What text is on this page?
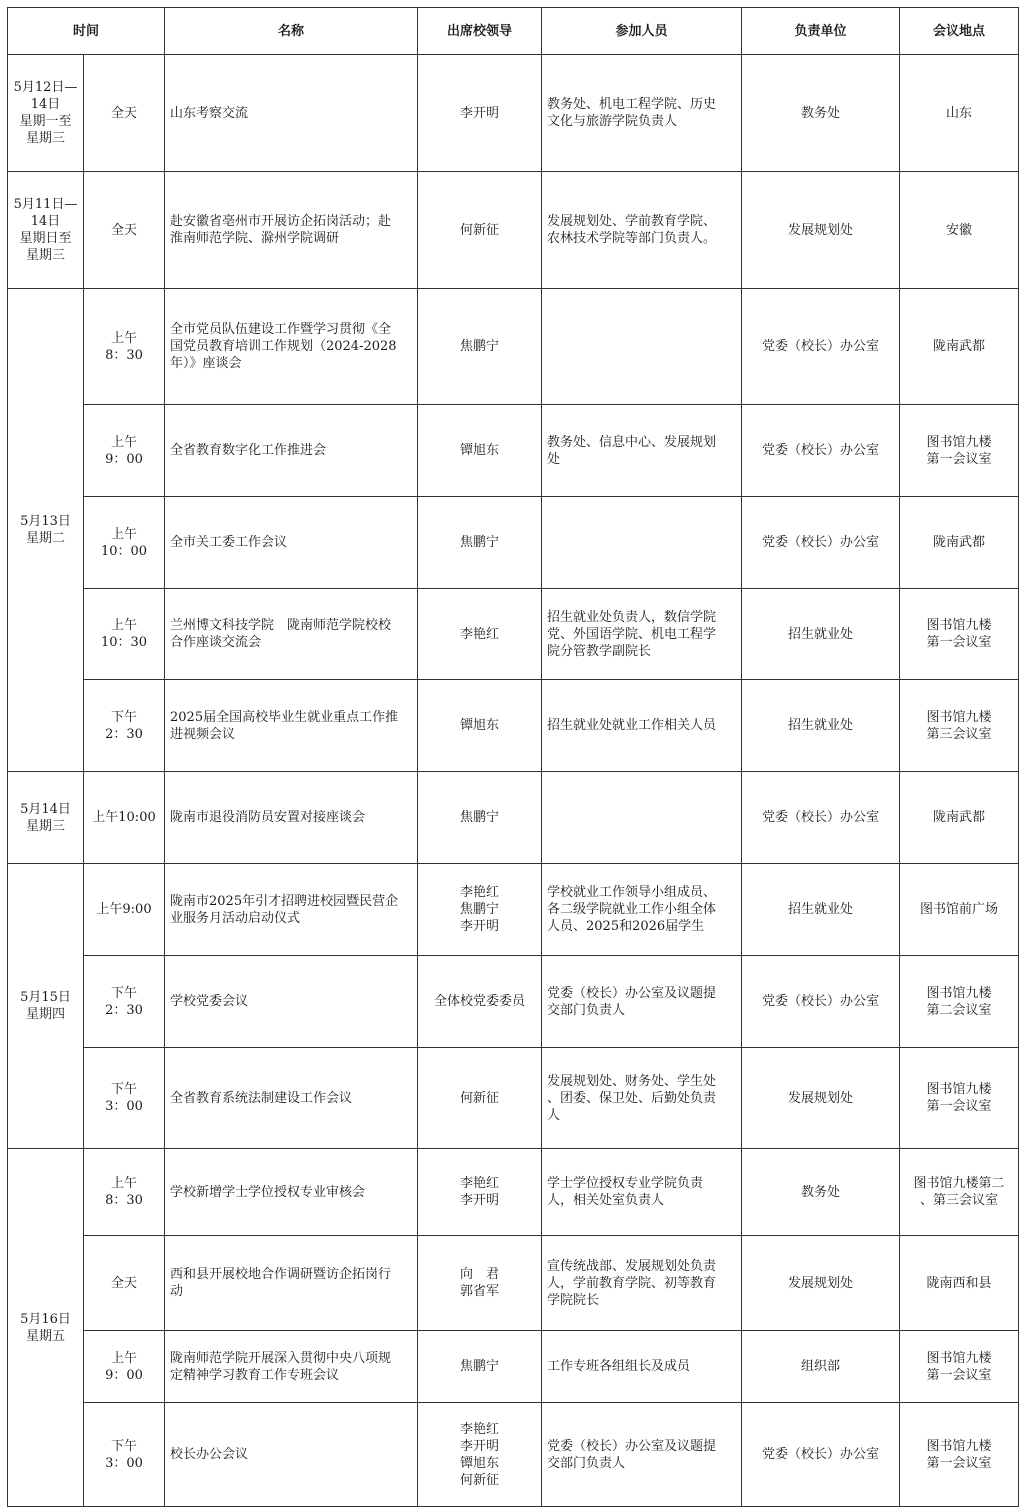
时间		名称	出席校领导	参加人员	负责单位	会议地点
5月12日—
14日
星期一至
星期三	全天	山东考察交流	李开明	教务处、机电工程学院、历史
文化与旅游学院负责人	教务处	山东
5月11日—
14日
星期日至
星期三	全天	赴安徽省亳州市开展访企拓岗活动；赴
淮南师范学院、滁州学院调研	何新征	发展规划处、学前教育学院、
农林技术学院等部门负责人。	发展规划处	安徽
5月13日
星期二	上午
8：30	全市党员队伍建设工作暨学习贯彻《全
国党员教育培训工作规划（2024-2028
年）》座谈会	焦鹏宁		党委（校长）办公室	陇南武都
	上午
9：00	全省教育数字化工作推进会	镡旭东	教务处、信息中心、发展规划
处	党委（校长）办公室	图书馆九楼
第一会议室
	上午
10：00	全市关工委工作会议	焦鹏宁		党委（校长）办公室	陇南武都
	上午
10：30	兰州博文科技学院　陇南师范学院校校
合作座谈交流会	李艳红	招生就业处负责人，数信学院
党、外国语学院、机电工程学
院分管教学副院长	招生就业处	图书馆九楼
第一会议室
	下午
2：30	2025届全国高校毕业生就业重点工作推
进视频会议	镡旭东	招生就业处就业工作相关人员	招生就业处	图书馆九楼
第三会议室
5月14日
星期三	上午10:00	陇南市退役消防员安置对接座谈会	焦鹏宁		党委（校长）办公室	陇南武都
5月15日
星期四	上午9:00	陇南市2025年引才招聘进校园暨民营企
业服务月活动启动仪式	李艳红
焦鹏宁
李开明	学校就业工作领导小组成员、
各二级学院就业工作小组全体
人员、2025和2026届学生	招生就业处	图书馆前广场
	下午
2：30	学校党委会议	全体校党委委员	党委（校长）办公室及议题提
交部门负责人	党委（校长）办公室	图书馆九楼
第二会议室
	下午
3：00	全省教育系统法制建设工作会议	何新征	发展规划处、财务处、学生处
、团委、保卫处、后勤处负责
人	发展规划处	图书馆九楼
第一会议室
5月16日
星期五	上午
8：30	学校新增学士学位授权专业审核会	李艳红
李开明	学士学位授权专业学院负责
人，相关处室负责人	教务处	图书馆九楼第二
、第三会议室
	全天	西和县开展校地合作调研暨访企拓岗行
动	向　君
郭省军	宣传统战部、发展规划处负责
人，学前教育学院、初等教育
学院院长	发展规划处	陇南西和县
	上午
9：00	陇南师范学院开展深入贯彻中央八项规
定精神学习教育工作专班会议	焦鹏宁	工作专班各组组长及成员	组织部	图书馆九楼
第一会议室
	下午
3：00	校长办公会议	李艳红
李开明
镡旭东
何新征	党委（校长）办公室及议题提
交部门负责人	党委（校长）办公室	图书馆九楼
第一会议室
